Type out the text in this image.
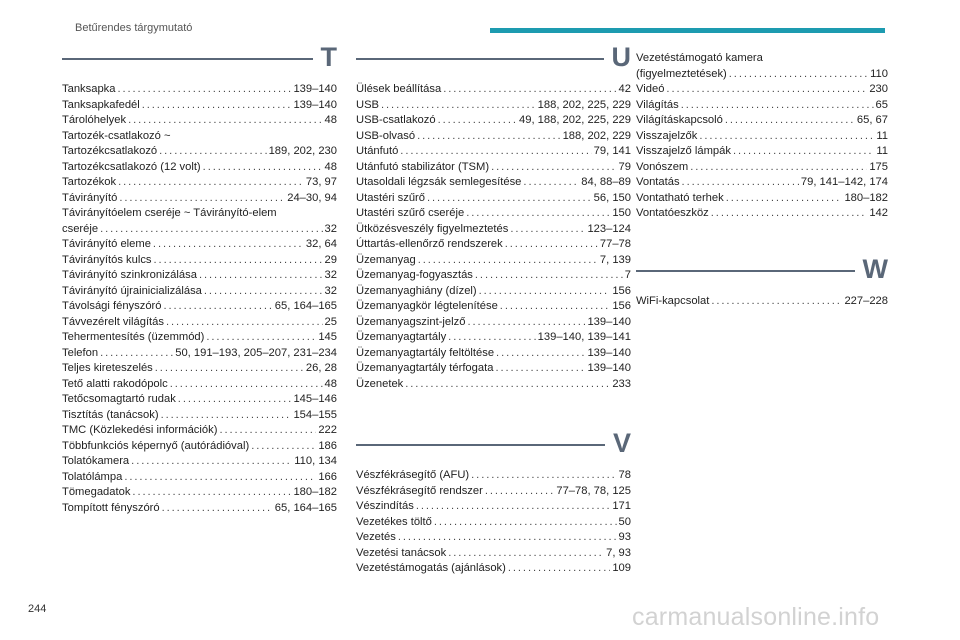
Betűrendes tárgymutató
T
Tanksapka . . .	139–140
Tanksapkafedél . . .	139–140
Tárolóhelyek . . .	48
Tartozék-csatlakozó ~
Tartozékcsatlakozó . . .	189, 202, 230
Tartozékcsatlakozó (12 volt) . . .	48
Tartozékok . . .	73, 97
Távirányító . . .	24–30, 94
Távirányítóelem cseréje ~ Távirányító-elem
cseréje . . .	32
Távirányító eleme . . .	32, 64
Távirányítós kulcs . . .	29
Távirányító szinkronizálása . . .	32
Távirányító újrainicializálása . . .	32
Távolsági fényszóró . . .	65, 164–165
Távvezérelt világítás . . .	25
Tehermentesítés (üzemmód) . . .	145
Telefon . . .	50, 191–193, 205–207, 231–234
Teljes kireteszelés . . .	26, 28
Tető alatti rakodópolc . . .	48
Tetőcsomagtartó rudak . . .	145–146
Tisztítás (tanácsok) . . .	154–155
TMC (Közlekedési információk) . . .	222
Többfunkciós képernyő (autórádióval) . . .	186
Tolatókamera . . .	110, 134
Tolatólámpa . . .	166
Tömegadatok . . .	180–182
Tompított fényszóró . . .	65, 164–165
U
Ülések beállítása . . .	42
USB . . .	188, 202, 225, 229
USB-csatlakozó . . .	49, 188, 202, 225, 229
USB-olvasó . . .	188, 202, 229
Utánfutó . . .	79, 141
Utánfutó stabilizátor (TSM) . . .	79
Utasoldali légzsák semlegesítése . . .	84, 88–89
Utastéri szűrő . . .	56, 150
Utastéri szűrő cseréje . . .	150
Ütközésveszély figyelmeztetés . . .	123–124
Úttartás-ellenőrző rendszerek . . .	77–78
Üzemanyag . . .	7, 139
Üzemanyag-fogyasztás . . .	7
Üzemanyaghiány (dízel) . . .	156
Üzemanyagkör légtelenítése . . .	156
Üzemanyagszint-jelző . . .	139–140
Üzemanyagtartály . . .	139–140, 139–141
Üzemanyagtartály feltöltése . . .	139–140
Üzemanyagtartály térfogata . . .	139–140
Üzenetek . . .	233
V
Vészfékrásegítő (AFU) . . .	78
Vészfékrásegítő rendszer . . .	77–78, 78, 125
Vészindítás . . .	171
Vezetékes töltő . . .	50
Vezetés . . .	93
Vezetési tanácsok . . .	7, 93
Vezetéstámogatás (ajánlások) . . .	109
Vezetéstámogató kamera
(figyelmeztetések) . . .	110
Videó . . .	230
Világítás . . .	65
Világításkapcsoló . . .	65, 67
Visszajelzők . . .	11
Visszajelző lámpák . . .	11
Vonószem . . .	175
Vontatás . . .	79, 141–142, 174
Vontatható terhek . . .	180–182
Vontatóeszköz . . .	142
W
WiFi-kapcsolat . . .	227–228
244	carmanualsonline.info
